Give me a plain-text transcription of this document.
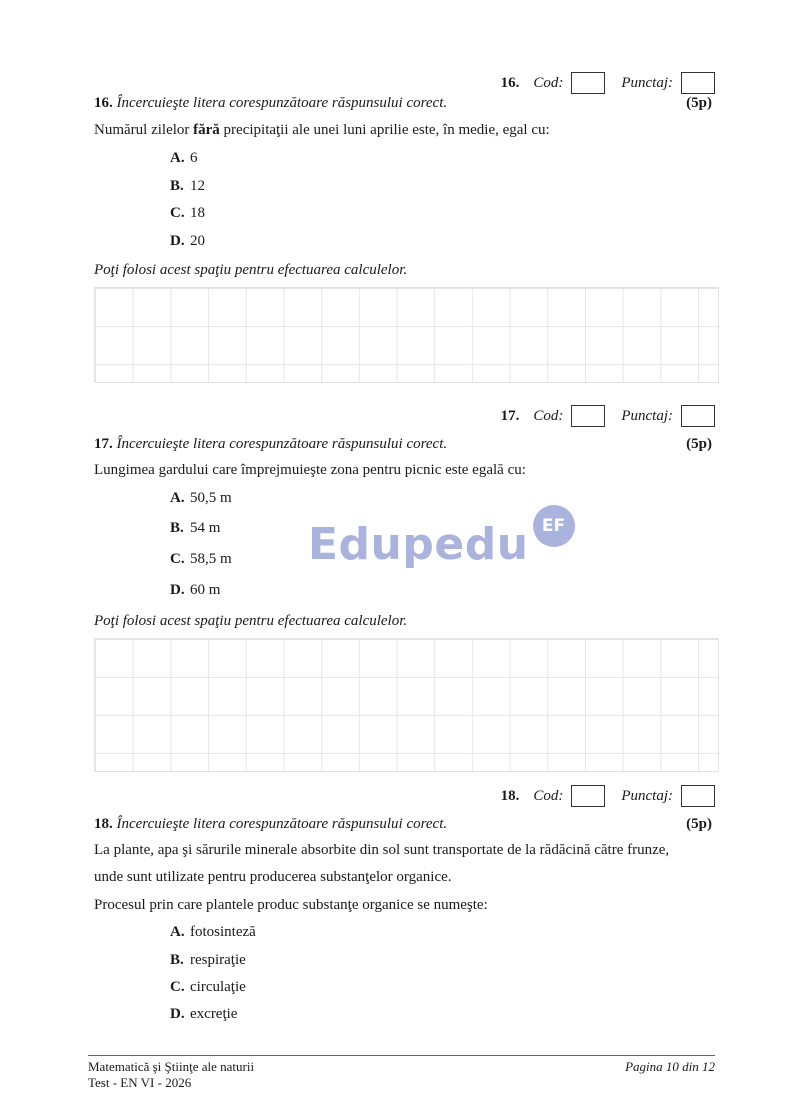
16. Cod:	Punctaj:
16. Încercuieşte litera corespunzătoare răspunsului corect.	(5p)
Numărul zilelor fără precipitaţii ale unei luni aprilie este, în medie, egal cu:
A. 6
B. 12
C. 18
D. 20
Poţi folosi acest spaţiu pentru efectuarea calculelor.
17. Cod:	Punctaj:
17. Încercuieşte litera corespunzătoare răspunsului corect.	(5p)
Lungimea gardului care împrejmuieşte zona pentru picnic este egală cu:
A. 50,5 m
B. 54 m
C. 58,5 m
D. 60 m
Poţi folosi acest spaţiu pentru efectuarea calculelor.
18. Cod:	Punctaj:
18. Încercuieşte litera corespunzătoare răspunsului corect.	(5p)
La plante, apa şi sărurile minerale absorbite din sol sunt transportate de la rădăcină către frunze,
unde sunt utilizate pentru producerea substanţelor organice.
Procesul prin care plantele produc substanţe organice se numeşte:
A. fotosinteză
B. respiraţie
C. circulaţie
D. excreţie
Edupedu EF
Matematică şi Ştiinţe ale naturii
Test - EN VI - 2026
Pagina 10 din 12
